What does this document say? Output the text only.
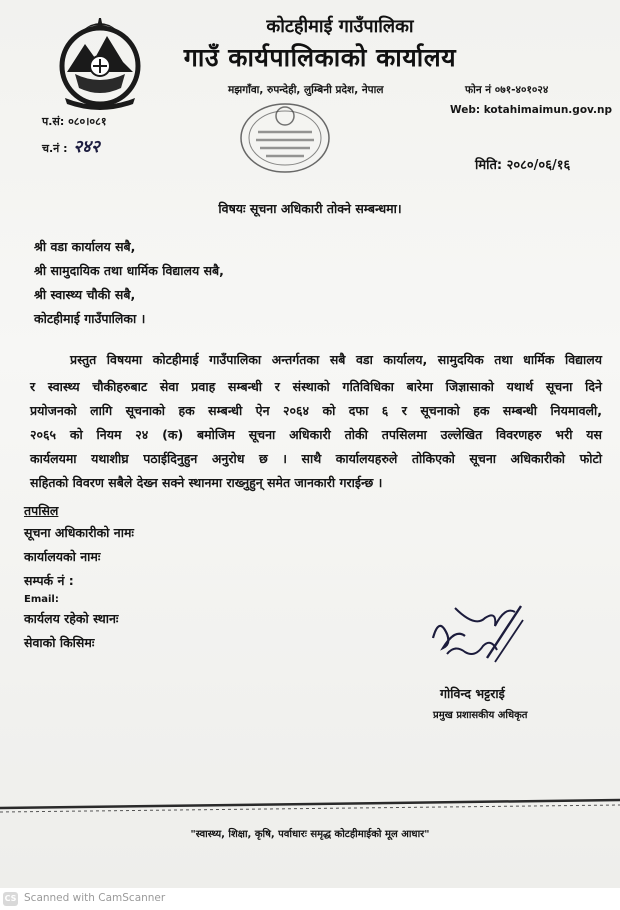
कोटहीमाई गाउँपालिका
गाउँ कार्यपालिकाको कार्यालय
मझगाँवा, रुपन्देही, लुम्बिनी प्रदेश, नेपाल	फोन नं ०७१-४०१०२४
Web: kotahimaimun.gov.np
प.सं: ०८०।०८१
च.नं : २४२
मिति: २०८०/०६/१६
विषयः सूचना अधिकारी तोक्ने सम्बन्धमा।
श्री वडा कार्यालय सबै,
श्री सामुदायिक तथा धार्मिक विद्यालय सबै,
श्री स्वास्थ्य चौकी सबै,
कोटहीमाई गाउँपालिका ।
प्रस्तुत विषयमा कोटहीमाई गाउँपालिका अन्तर्गतका सबै वडा कार्यालय, सामुदयिक तथा धार्मिक विद्यालय
र स्वास्थ्य चौकीहरुबाट सेवा प्रवाह सम्बन्धी र संस्थाको गतिविधिका बारेमा जिज्ञासाको यथार्थ सूचना दिने
प्रयोजनको लागि सूचनाको हक सम्बन्धी ऐन २०६४ को दफा ६ र सूचनाको हक सम्बन्धी नियमावली,
२०६५ को नियम २४ (क) बमोजिम सूचना अधिकारी तोकी तपसिलमा उल्लेखित विवरणहरु भरी यस
कार्यलयमा यथाशीघ्र पठाईदिनुहुन अनुरोध छ । साथै कार्यालयहरुले तोकिएको सूचना अधिकारीको फोटो
सहितको विवरण सबैले देख्न सक्ने स्थानमा राख्नुहुन् समेत जानकारी गराईन्छ ।
तपसिल
सूचना अधिकारीको नामः
कार्यालयको नामः
सम्पर्क नं :
Email:
कार्यलय रहेको स्थानः
सेवाको किसिमः
गोविन्द भट्टराई
प्रमुख प्रशासकीय अधिकृत
"स्वास्थ्य, शिक्षा, कृषि, पर्वाधारः समृद्ध कोटहीमाईको मूल आधार"
CS Scanned with CamScanner
